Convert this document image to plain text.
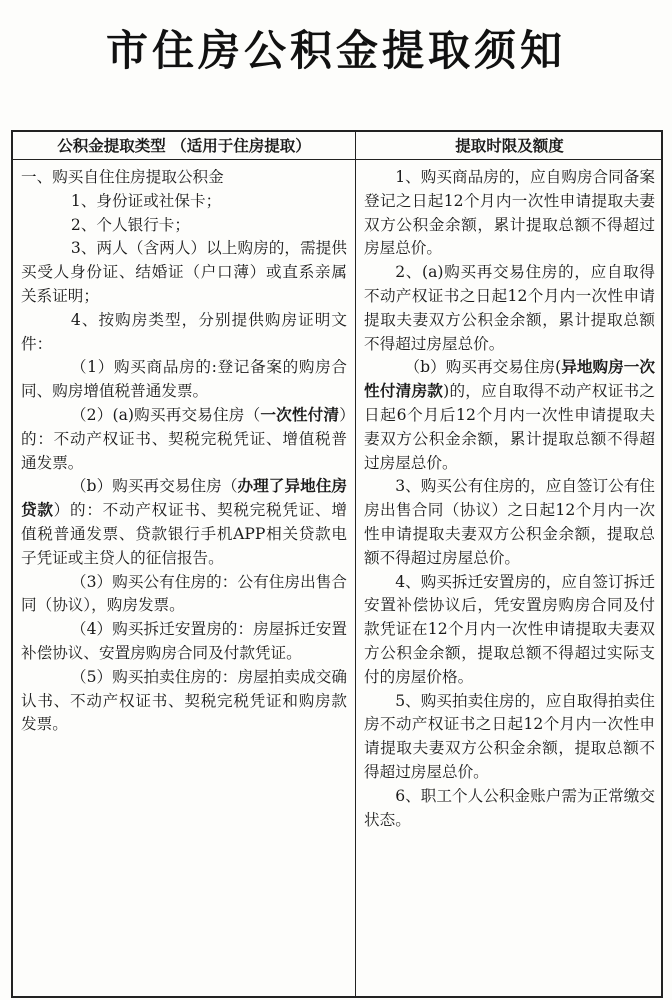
市住房公积金提取须知
公积金提取类型 （适用于住房提取）	提取时限及额度

一、购买自住住房提取公积金

1、身份证或社保卡；

2、个人银行卡；

3、两人（含两人）以上购房的，需提供买受人身份证、结婚证（户口薄）或直系亲属关系证明；

4、按购房类型，分别提供购房证明文件：

（1）购买商品房的:登记备案的购房合同、购房增值税普通发票。

（2）(a)购买再交易住房（一次性付清）的：不动产权证书、契税完税凭证、增值税普通发票。

（b）购买再交易住房（办理了异地住房贷款）的：不动产权证书、契税完税凭证、增值税普通发票、贷款银行手机APP相关贷款电子凭证或主贷人的征信报告。

（3）购买公有住房的：公有住房出售合同（协议），购房发票。

（4）购买拆迁安置房的：房屋拆迁安置补偿协议、安置房购房合同及付款凭证。

（5）购买拍卖住房的：房屋拍卖成交确认书、不动产权证书、契税完税凭证和购房款发票。

1、购买商品房的，应自购房合同备案登记之日起12个月内一次性申请提取夫妻双方公积金余额，累计提取总额不得超过房屋总价。

2、(a)购买再交易住房的，应自取得不动产权证书之日起12个月内一次性申请提取夫妻双方公积金余额，累计提取总额不得超过房屋总价。

（b）购买再交易住房(异地购房一次性付清房款)的，应自取得不动产权证书之日起6个月后12个月内一次性申请提取夫妻双方公积金余额，累计提取总额不得超过房屋总价。

3、购买公有住房的，应自签订公有住房出售合同（协议）之日起12个月内一次性申请提取夫妻双方公积金余额，提取总额不得超过房屋总价。

4、购买拆迁安置房的，应自签订拆迁安置补偿协议后，凭安置房购房合同及付款凭证在12个月内一次性申请提取夫妻双方公积金余额，提取总额不得超过实际支付的房屋价格。

5、购买拍卖住房的，应自取得拍卖住房不动产权证书之日起12个月内一次性申请提取夫妻双方公积金余额，提取总额不得超过房屋总价。

6、职工个人公积金账户需为正常缴交状态。
